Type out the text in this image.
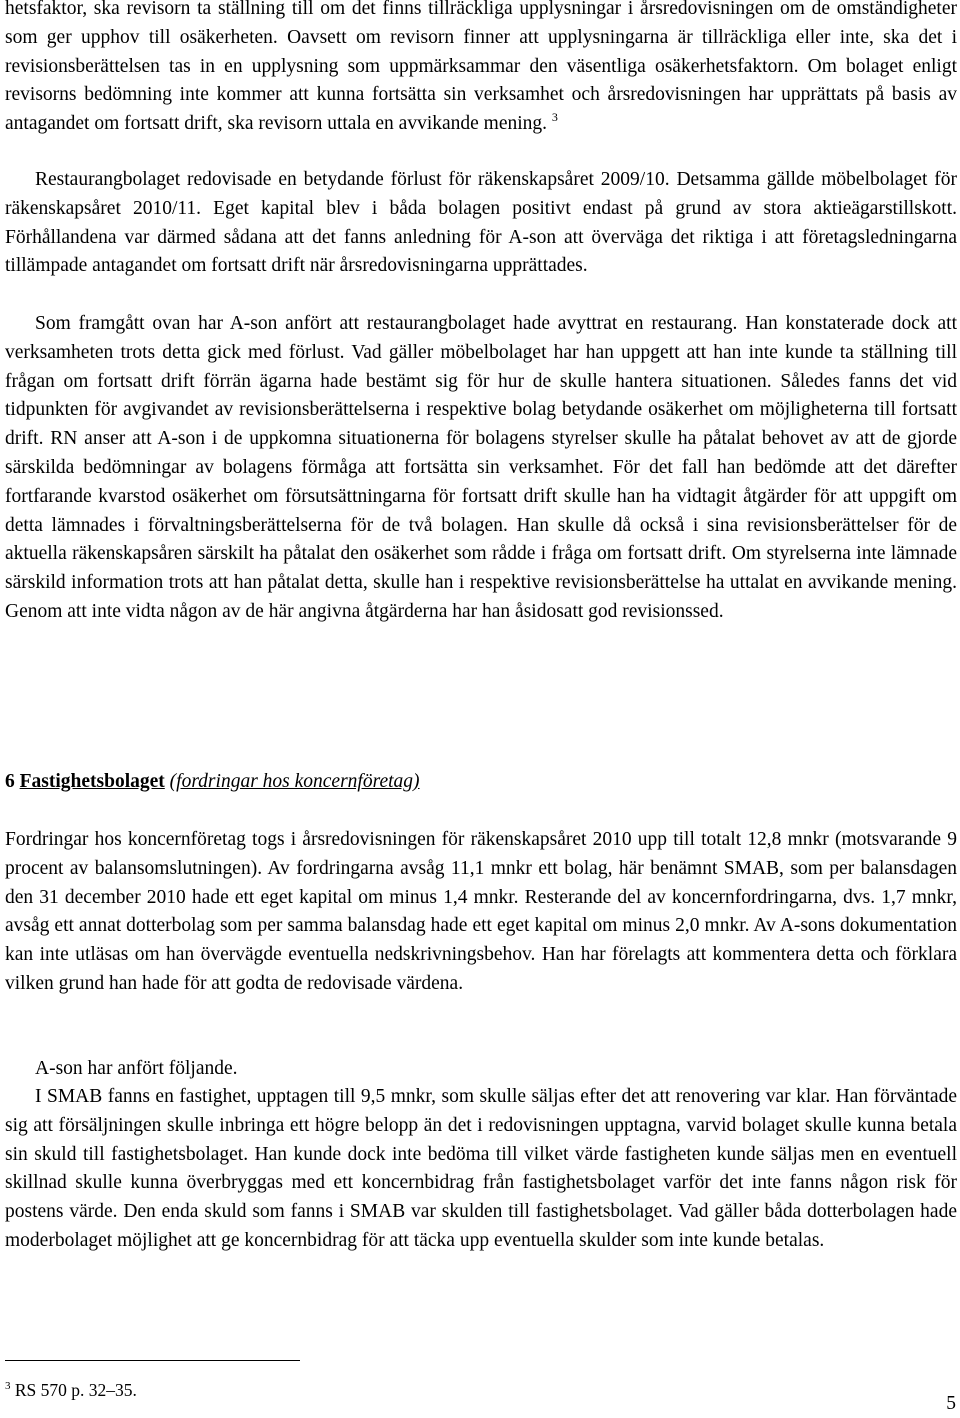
hetsfaktor, ska revisorn ta ställning till om det finns tillräckliga upplysningar i årsredovisningen om de omständigheter som ger upphov till osäkerheten. Oavsett om revisorn finner att upplysningarna är tillräckliga eller inte, ska det i revisionsberättelsen tas in en upplysning som uppmärksammar den väsentliga osäkerhetsfaktorn. Om bolaget enligt revisorns bedömning inte kommer att kunna fortsätta sin verksamhet och årsredovisningen har upprättats på basis av antagandet om fortsatt drift, ska revisorn uttala en avvikande mening. $^3$

Restaurangbolaget redovisade en betydande förlust för räkenskapsåret 2009/10. Detsamma gällde möbelbolaget för räkenskapsåret 2010/11. Eget kapital blev i båda bolagen positivt endast på grund av stora aktieägarstillskott. Förhållandena var därmed sådana att det fanns anledning för A-son att överväga det riktiga i att företagsledningarna tillämpade antagandet om fortsatt drift när årsredovisningarna upprättades.

Som framgått ovan har A-son anfört att restaurangbolaget hade avyttrat en restaurang. Han konstaterade dock att verksamheten trots detta gick med förlust. Vad gäller möbelbolaget har han uppgett att han inte kunde ta ställning till frågan om fortsatt drift förrän ägarna hade bestämt sig för hur de skulle hantera situationen. Således fanns det vid tidpunkten för avgivandet av revisionsberättelserna i respektive bolag betydande osäkerhet om möjligheterna till fortsatt drift. RN anser att A-son i de uppkomna situationerna för bolagens styrelser skulle ha påtalat behovet av att de gjorde särskilda bedömningar av bolagens förmåga att fortsätta sin verksamhet. För det fall han bedömde att det därefter fortfarande kvarstod osäkerhet om försutsättningarna för fortsatt drift skulle han ha vidtagit åtgärder för att uppgift om detta lämnades i förvaltningsberättelserna för de två bolagen. Han skulle då också i sina revisionsberättelser för de aktuella räkenskapsåren särskilt ha påtalat den osäkerhet som rådde i fråga om fortsatt drift. Om styrelserna inte lämnade särskild information trots att han påtalat detta, skulle han i respektive revisionsberättelse ha uttalat en avvikande mening. Genom att inte vidta någon av de här angivna åtgärderna har han åsidosatt god revisionssed.

6 Fastighetsbolaget (fordringar hos koncernföretag)

Fordringar hos koncernföretag togs i årsredovisningen för räkenskapsåret 2010 upp till totalt 12,8 mnkr (motsvarande 9 procent av balansomslutningen). Av fordringarna avsåg 11,1 mnkr ett bolag, här benämnt SMAB, som per balansdagen den 31 december 2010 hade ett eget kapital om minus 1,4 mnkr. Resterande del av koncernfordringarna, dvs. 1,7 mnkr, avsåg ett annat dotterbolag som per samma balansdag hade ett eget kapital om minus 2,0 mnkr. Av A-sons dokumentation kan inte utläsas om han övervägde eventuella nedskrivningsbehov. Han har förelagts att kommentera detta och förklara vilken grund han hade för att godta de redovisade värdena.

A-son har anfört följande.

I SMAB fanns en fastighet, upptagen till 9,5 mnkr, som skulle säljas efter det att renovering var klar. Han förväntade sig att försäljningen skulle inbringa ett högre belopp än det i redovisningen upptagna, varvid bolaget skulle kunna betala sin skuld till fastighetsbolaget. Han kunde dock inte bedöma till vilket värde fastigheten kunde säljas men en eventuell skillnad skulle kunna överbryggas med ett koncernbidrag från fastighetsbolaget varför det inte fanns någon risk för postens värde. Den enda skuld som fanns i SMAB var skulden till fastighetsbolaget. Vad gäller båda dotterbolagen hade moderbolaget möjlighet att ge koncernbidrag för att täcka upp eventuella skulder som inte kunde betalas.

$^3$ RS 570 p. 32–35.
5
